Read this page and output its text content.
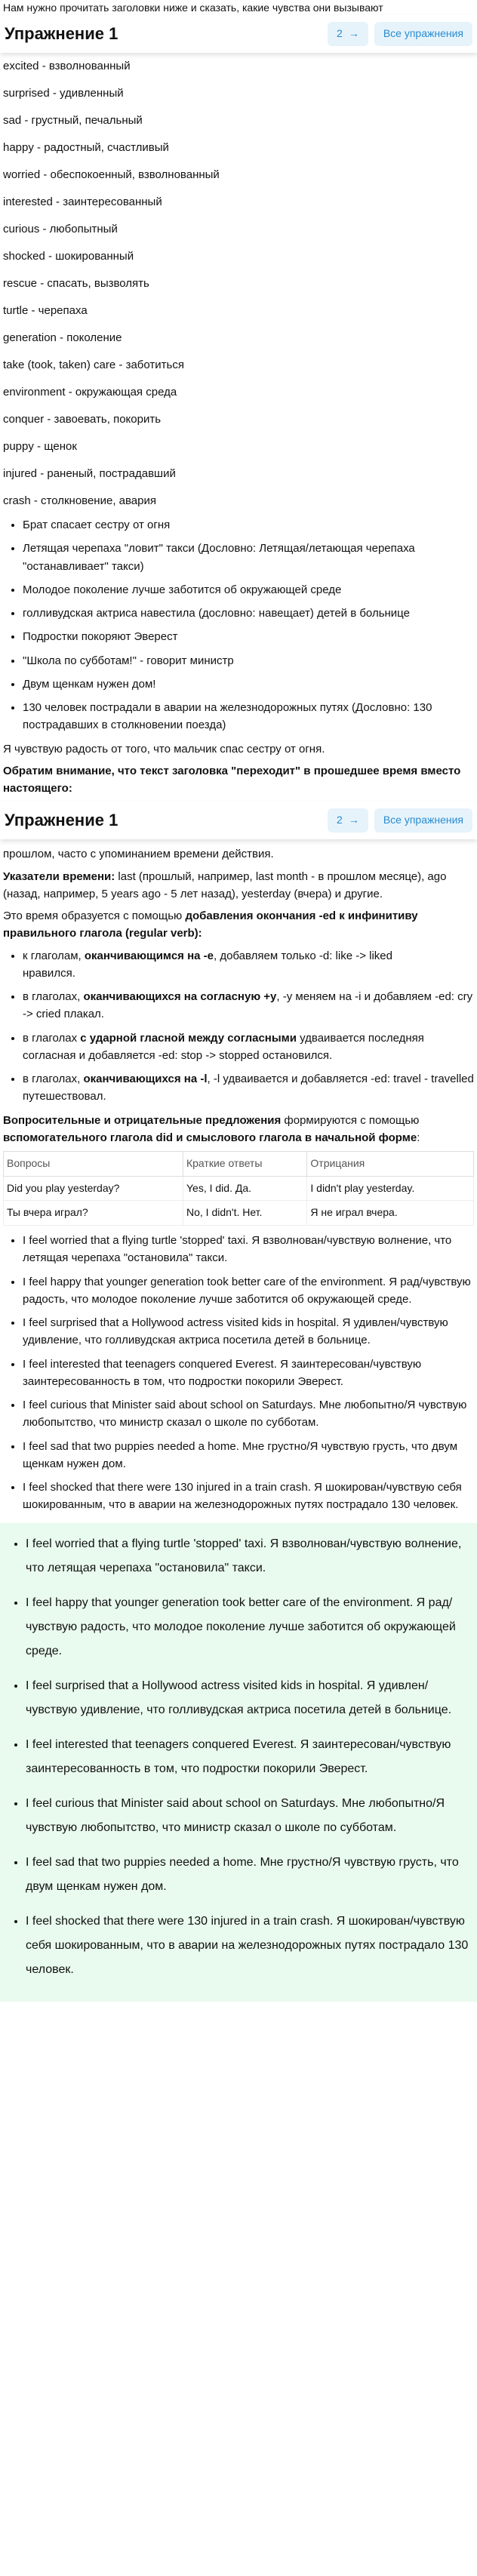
Нам нужно прочитать заголовки ниже и сказать, какие чувства они вызывают

Упражнение 1	2 →	Все упражнения

excited - взволнованный

surprised - удивленный

sad - грустный, печальный

happy - радостный, счастливый

worried - обеспокоенный, взволнованный

interested - заинтересованный

curious - любопытный

shocked - шокированный

rescue - спасать, вызволять

turtle - черепаха

generation - поколение

take (took, taken) care - заботиться

environment - окружающая среда

conquer - завоевать, покорить

puppy - щенок

injured - раненый, пострадавший

crash - столкновение, авария

• Брат спасает сестру от огня
• Летящая черепаха "ловит" такси (Дословно: Летящая/летающая черепаха "останавливает" такси)
• Молодое поколение лучше заботится об окружающей среде
• голливудская актриса навестила (дословно: навещает) детей в больнице
• Подростки покоряют Эверест
• "Школа по субботам!" - говорит министр
• Двум щенкам нужен дом!
• 130 человек пострадали в аварии на железнодорожных путях (Дословно: 130 пострадавших в столкновении поезда)

Я чувствую радость от того, что мальчик спас сестру от огня.

Обратим внимание, что текст заголовка "переходит" в прошедшее время вместо настоящего:

Упражнение 1	2 →	Все упражнения

прошлом, часто с упоминанием времени действия.

Указатели времени: last (прошлый, например, last month - в прошлом месяце), ago (назад, например, 5 years ago - 5 лет назад), yesterday (вчера) и другие.

Это время образуется с помощью добавления окончания -ed к инфинитиву правильного глагола (regular verb):

• к глаголам, оканчивающимся на -e, добавляем только -d: like -> liked
нравился.
• в глаголах, оканчивающихся на согласную +y, -y меняем на -i и добавляем -ed: cry -> cried плакал.
• в глаголах с ударной гласной между согласными удваивается последняя согласная и добавляется -ed: stop -> stopped остановился.
• в глаголах, оканчивающихся на -l, -l удваивается и добавляется -ed: travel - travelled путешествовал.

Вопросительные и отрицательные предложения формируются с помощью вспомогательного глагола did и смыслового глагола в начальной форме:

Вопросы	Краткие ответы	Отрицания
Did you play yesterday?	Yes, I did. Да.	I didn't play yesterday.
Ты вчера играл?	No, I didn't. Нет.	Я не играл вчера.
• I feel worried that a flying turtle 'stopped' taxi. Я взволнован/чувствую волнение, что летящая черепаха "остановила" такси.
• I feel happy that younger generation took better care of the environment. Я рад/чувствую радость, что молодое поколение лучше заботится об окружающей среде.
• I feel surprised that a Hollywood actress visited kids in hospital. Я удивлен/чувствую удивление, что голливудская актриса посетила детей в больнице.
• I feel interested that teenagers conquered Everest. Я заинтересован/чувствую заинтересованность в том, что подростки покорили Эверест.
• I feel curious that Minister said about school on Saturdays. Мне любопытно/Я чувствую любопытство, что министр сказал о школе по субботам.
• I feel sad that two puppies needed a home. Мне грустно/Я чувствую грусть, что двум щенкам нужен дом.
• I feel shocked that there were 130 injured in a train crash. Я шокирован/чувствую себя шокированным, что в аварии на железнодорожных путях пострадало 130 человек.
• I feel worried that a flying turtle 'stopped' taxi. Я взволнован/чувствую волнение, что летящая черепаха "остановила" такси.
• I feel happy that younger generation took better care of the environment. Я рад/чувствую радость, что молодое поколение лучше заботится об окружающей среде.
• I feel surprised that a Hollywood actress visited kids in hospital. Я удивлен/чувствую удивление, что голливудская актриса посетила детей в больнице.
• I feel interested that teenagers conquered Everest. Я заинтересован/чувствую заинтересованность в том, что подростки покорили Эверест.
• I feel curious that Minister said about school on Saturdays. Мне любопытно/Я чувствую любопытство, что министр сказал о школе по субботам.
• I feel sad that two puppies needed a home. Мне грустно/Я чувствую грусть, что двум щенкам нужен дом.
• I feel shocked that there were 130 injured in a train crash. Я шокирован/чувствую себя шокированным, что в аварии на железнодорожных путях пострадало 130 человек.
